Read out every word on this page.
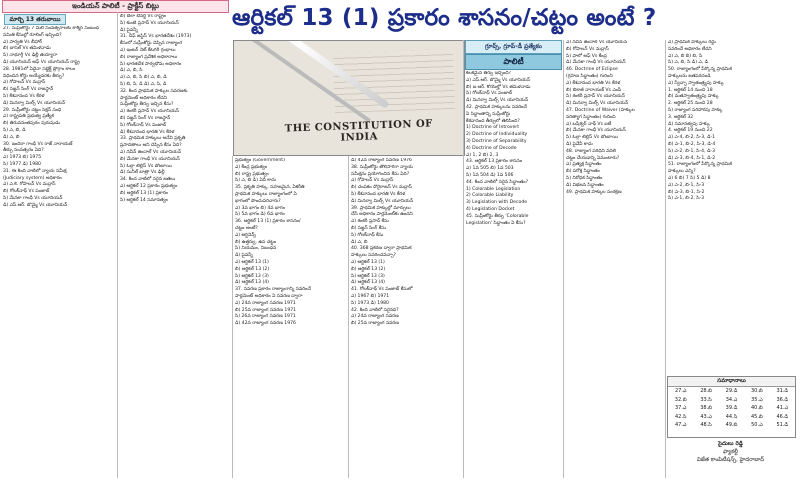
ఇండియన్ పాలిటీ - ప్రాక్టీస్ బిట్లు
మార్చి 13 తరువాయి	ఆర్టికల్ 13 (1) ప్రకారం శాసనం/చట్టం అంటే ?
THE CONSTITUTION OF INDIA
గ్రూప్స్, గ్రూప్-డీ ప్రత్యేకం
పాలిటీ

27. సుప్రీంకోర్టు 7 మిలి సంవత్సరాలకు కాశ్మీర్ సంబంధ

సమితి కేసుల్లో రూలింగ్ ఇచ్చింది?

ఎ) పార్వతి Vs బీహార్

బి) బాసెల్ Vs తమిళనాడు

సి) నాథూగ్గీ Vs ఢిల్లీ తయ్యారా

డి) యూనియన్ ఆఫ్ Vs యూనియన్ రాష్ట్ర

28. 1981లో ఏదైనా సబ్జెక్ట్ ప్రోగ్రాం కాలం

విధించిన కోర్టు అయ్యేవరకు తీర్పు?

ఎ) గోపాలన్ Vs మద్రాస్

బి) సజ్జన్ సింగ్ Vs రాజస్థాన్

సి) కేశవానంద Vs కేరళ

డి) మినర్వా మిల్స్ Vs యూనియన్

29. సుప్రీంకోర్టు చట్టం సెక్షన్ సంధి

ఎ) రాష్ట్రపతి ప్రభుత్వ ప్రత్యేక

బి) తిరువనంతపురం పురుషుడు

సి) ఎ, బి, డి

డి) ఎ, బి

30. ఇందిరా గాంధీ Vs రాజ్ నారాయణ్

తీర్పు సంవత్సరం ఏది?

ఎ) 1973 బి) 1975

సి) 1977 డి) 1980

31. ఈ కింది వాటిలో న్యాయ సమీక్ష

(Judiciary system) అధికారం

ఎ) ఎ.కె. గోపాలన్ Vs మద్రాస్

బి) గోలక్‌నాథ్ Vs పంజాబ్

సి) మేనకా గాంధీ Vs యూనియన్

డి) ఎస్.ఆర్. బొమ్మై Vs యూనియన్

బి) బేలా బెనర్జీ Vs రాష్ట్రం

సి) కుంటి ప్రసాద్ Vs యూనియన్

డి) పైవన్నీ

31. చీఫ్ జస్టిస్ Vs భారతదేశం (1973)

కేసులో సుప్రీంకోర్టు చెప్పిన రాజ్యాంగ

ఎ) ఇంటర్ నెట్ కేటగిరీ గ్రంథాలు

బి) రాజ్యాంగ ప్రవేశిక అధికారాలు

సి) భారతదేశ సార్వభౌమ అధికారం

డి) ఎ, బి, సి

ఎ) ఎ, బి, సి బి) ఎ, బి, డి

సి) బి, సి, డి డి) ఎ, సి, డి

32. కింద ప్రాథమిక హక్కుల సవరణకు

పార్లమెంట్ అధికారం లేదని

సుప్రీంకోర్టు తీర్పు ఇచ్చిన కేసు?

ఎ) శంకరీ ప్రసాద్ Vs యూనియన్

బి) సజ్జన్ సింగ్ Vs రాజస్థాన్

సి) గోలక్‌నాథ్ Vs పంజాబ్

డి) కేశవానంద భారతి Vs కేరళ

33. ప్రాథమిక హక్కులు అనేవి ప్రకృతి

ప్రసాదితాలు అని చెప్పిన కేసు ఏది?

ఎ) నవీన్ జిందాల్ Vs యూనియన్

బి) మేనకా గాంధీ Vs యూనియన్

సి) ఓల్గా టెల్లిస్ Vs బొంబాయి

డి) సునీల్ బాత్రా Vs ఢిల్లీ

34. కింద వాటిలో సరైన జతలు

ఎ) ఆర్టికల్ 12 ప్రకారం ప్రభుత్వం

బి) ఆర్టికల్ 13 (1) ప్రకారం

సి) ఆర్టికల్ 14 సమానత్వం

ప్రభుత్వం (Government)

ఎ) కేంద్ర ప్రభుత్వం

బి) రాష్ట్ర ప్రభుత్వం

సి) ఎ, బి డి) ఏదీ కాదు

35. ప్రకృతి హక్కు, సహజమైన, ఏకరీతి

ప్రాథమిక హక్కులు రాజ్యాంగంలో ఏ

భాగంలో పొందుపరిచారు?

ఎ) 3వ భాగం బి) 4వ భాగం

సి) 5వ భాగం డి) 6వ భాగం

36. ఆర్టికల్ 13 (1) ప్రకారం శాసనం/

చట్టం అంటే?

ఎ) ఆర్డినెన్స్

బి) ఉత్తర్వు, ఉప చట్టం

సి) నియమం, నిబంధన

డి) పైవన్నీ

ఎ) ఆర్టికల్ 13 (1)

బి) ఆర్టికల్ 13 (2)

సి) ఆర్టికల్ 13 (3)

డి) ఆర్టికల్ 13 (4)

37. సవరణ ప్రకారం రాజ్యాంగాన్ని సవరించే

పార్లమెంట్ అధికారం ఏ సవరణ ద్వారా

ఎ) 24వ రాజ్యాంగ సవరణ 1971

బి) 25వ రాజ్యాంగ సవరణ 1971

సి) 26వ రాజ్యాంగ సవరణ 1971

డి) 42వ రాజ్యాంగ సవరణ 1976

డి) 42వ రాజ్యాంగ సవరణ 1976

38. సుప్రీంకోర్టు తొలిసారిగా న్యాయ

సమీక్షను ప్రయోగించిన కేసు ఏది?

ఎ) గోపాలన్ Vs మద్రాస్

బి) చంపకం దొరైరాజన్ Vs మద్రాస్

సి) కేశవానంద భారతి Vs కేరళ

డి) మినర్వా మిల్స్ Vs యూనియన్

39. ప్రాథమిక హక్కుల్లో మార్పులు

చేసే అధికారం పార్లమెంట్‌కు ఉందని

ఎ) శంకరీ ప్రసాద్ కేసు

బి) సజ్జన్ సింగ్ కేసు

సి) గోలక్‌నాథ్ కేసు

డి) ఎ, బి

40. 368 ప్రకరణ ద్వారా ప్రాథమిక

హక్కులు సవరించవచ్చా?

ఎ) ఆర్టికల్ 13 (1)

బి) ఆర్టికల్ 13 (2)

సి) ఆర్టికల్ 13 (3)

డి) ఆర్టికల్ 13 (4)

41. గోలక్‌నాథ్ Vs పంజాబ్ కేసులో

ఎ) 1967 బి) 1971

సి) 1973 డి) 1980

42. కింది వాటిలో సరైనది?

ఎ) 24వ రాజ్యాంగ సవరణ

బి) 25వ రాజ్యాంగ సవరణ

కీలకమైన తీర్పు ఇచ్చింది?

ఎ) ఎస్.ఆర్. బొమ్మై Vs యూనియన్

బి) ఐ.ఆర్. కొయెల్హో Vs తమిళనాడు

సి) గోలక్‌నాథ్ Vs పంజాబ్

డి) మినర్వా మిల్స్ Vs యూనియన్

42. ప్రాథమిక హక్కులను సవరించే

ఏ సిద్ధాంతాన్ని సుప్రీంకోర్టు

కేశవానంద తీర్పులో తెలిపింది?

1) Doctrine of Introvert

2) Doctrine of Individuality

3) Doctrine of Separability

4) Doctrine of Decode

ఎ) 1, 2 బి) 2, 3

43. ఆర్టికల్ 13 ప్రకారం శాసనం

ఎ) 1వ 505 బి) 1వ 503

సి) 1వ 504 డి) 1వ 506

44. కింద వాటిలో సరైన సిద్ధాంతం?

1) Colorable Legislation

2) Colorable Liability

3) Legislation with Decode

4) Legislation Docket

45. సుప్రీంకోర్టు తీర్పు 'Colorable

Legislation' సిద్ధాంతం ఏ కేసు?

ఎ) నవీన్ జిందాల్ Vs యూనియన్

బి) గోపాలన్ Vs మద్రాస్

సి) ఫాలో ఆఫ్ Vs కేంద్ర

డి) మేనకా గాంధీ Vs యూనియన్

46. Doctrine of Eclipse

(గ్రహణ సిద్ధాంతం) గురించి

ఎ) కేశవానంద భారతి Vs కేరళ

బి) బికాజీ నారాయణ్ Vs ఎంపీ

సి) శంకరీ ప్రసాద్ Vs యూనియన్

డి) మినర్వా మిల్స్ Vs యూనియన్

47. Doctrine of Waiver (హక్కుల

పరిత్యాగ సిద్ధాంతం) గురించి

ఎ) బషేశ్వర్ నాథ్ Vs ఐటీ

బి) మేనకా గాంధీ Vs యూనియన్

సి) ఓల్గా టెల్లిస్ Vs బొంబాయి

డి) పైవేవీ కాదు

48. రాజ్యాంగ పరిధిని వదిలి

చట్టం చేయడాన్ని ఏమంటారు?

ఎ) ప్రత్యక్ష సిద్ధాంతం

బి) పరోక్ష సిద్ధాంతం

సి) నిరోధక సిద్ధాంతం

డి) విభజన సిద్ధాంతం

49. ప్రాథమిక హక్కుల సంరక్షణ

ఎ) ప్రాథమిక హక్కులు రద్దు

సవరించే అధికారం లేదని

ఎ) ఎ, బి బి) బి, సి

సి) ఎ, బి, సి డి) ఎ, డి

50. రాజ్యాంగంలో పేర్కొన్న ప్రాథమిక

హక్కులను జతపరచండి

ఎ) స్వేచ్ఛా స్వాతంత్ర్యపు హక్కు

1. ఆర్టికల్ 14 నుంచి 18

బి) మతస్వాతంత్ర్యపు హక్కు

2. ఆర్టికల్ 25 నుంచి 28

సి) రాజ్యాంగ పరిహారపు హక్కు

3. ఆర్టికల్ 32

డి) సమానత్వపు హక్కు

4. ఆర్టికల్ 19 నుంచి 22

ఎ) ఎ-4, బి-2, సి-3, డి-1

బి) ఎ-1, బి-2, సి-3, డి-4

సి) ఎ-2, బి-1, సి-4, డి-3

డి) ఎ-3, బి-4, సి-1, డి-2

51. రాజ్యాంగంలో పేర్కొన్న ప్రాథమిక

హక్కులు ఎన్ని?

ఎ) 6 బి) 7 సి) 5 డి) 8

ఎ) ఎ-2, బి-1, సి-3

బి) ఎ-3, బి-1, సి-2

సి) ఎ-1, బి-2, సి-3

సమాధానాలు
27.ఎ	28.బి	29.డి	30.బి	31.డి
32.బి	33.సి	34.ఎ	35.ఎ	36.డి
37.ఎ	38.బి	39.డి	40.బి	41.ఎ
42.సి	43.ఎ	44.సి	45.బి	46.డి
47.ఎ	48.సి	49.బి	50.ఎ	51.డి
సైదులు రెడ్డి
ఫ్యాకల్టీ
విజేత కాంపిటీషన్స్, హైదరాబాద్
